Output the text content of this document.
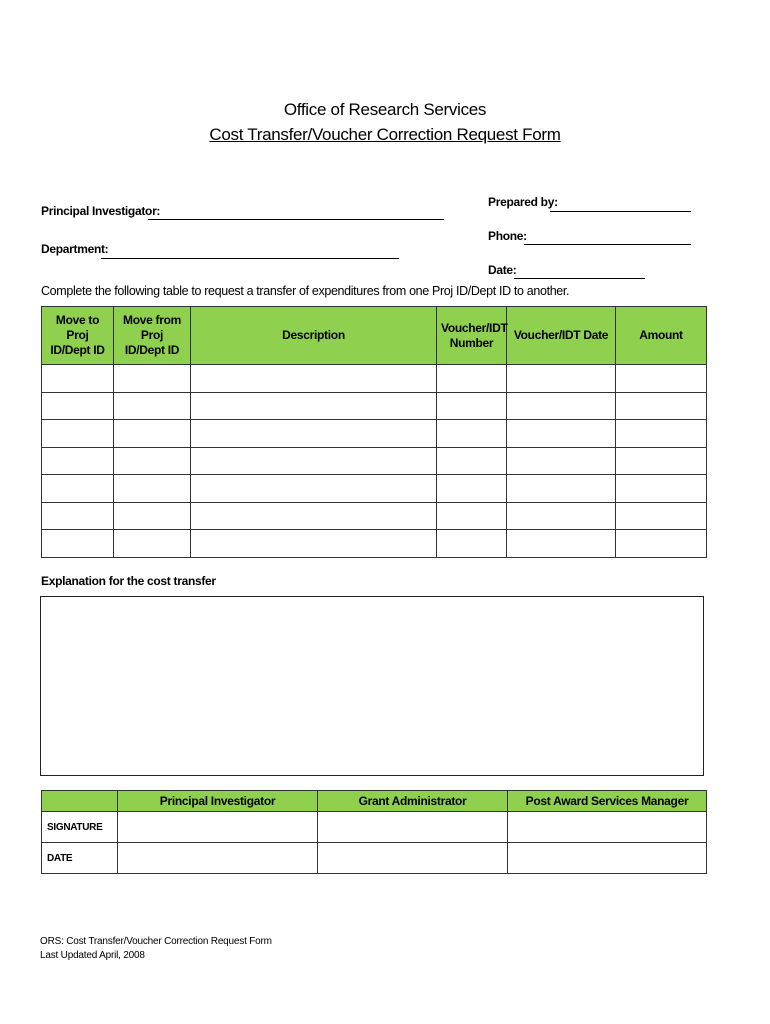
Office of Research Services
Cost Transfer/Voucher Correction Request Form
Principal Investigator:
Department:
Prepared by:
Phone:
Date:
Complete the following table to request a transfer of expenditures from one Proj ID/Dept ID to another.
Move to Proj ID/Dept ID	Move from Proj ID/Dept ID	Description	Voucher/IDT Number	Voucher/IDT Date	Amount

Explanation for the cost transfer
	Principal Investigator	Grant Administrator	Post Award Services Manager
SIGNATURE			
DATE			
ORS: Cost Transfer/Voucher Correction Request Form
Last Updated April, 2008
